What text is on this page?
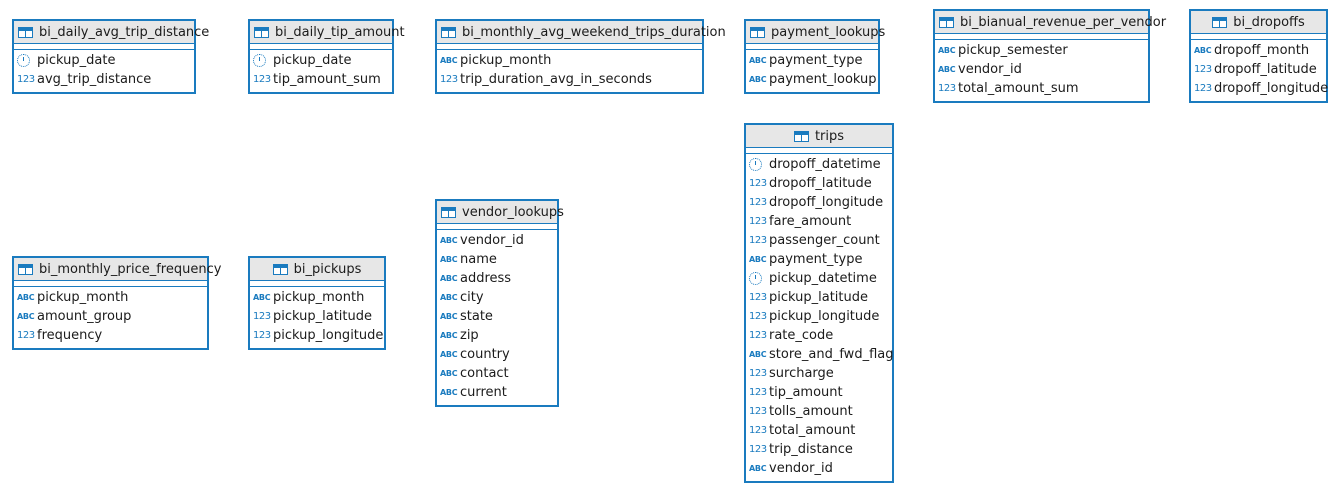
bi_daily_avg_trip_distance
pickup_date
123 avg_trip_distance
bi_daily_tip_amount
pickup_date
123 tip_amount_sum
bi_monthly_avg_weekend_trips_duration
ABC pickup_month
123 trip_duration_avg_in_seconds
payment_lookups
ABC payment_type
ABC payment_lookup
bi_bianual_revenue_per_vendor
ABC pickup_semester
ABC vendor_id
123 total_amount_sum
bi_dropoffs
ABC dropoff_month
123 dropoff_latitude
123 dropoff_longitude
trips
dropoff_datetime
123 dropoff_latitude
123 dropoff_longitude
123 fare_amount
123 passenger_count
ABC payment_type
pickup_datetime
123 pickup_latitude
123 pickup_longitude
123 rate_code
ABC store_and_fwd_flag
123 surcharge
123 tip_amount
123 tolls_amount
123 total_amount
123 trip_distance
ABC vendor_id
vendor_lookups
ABC vendor_id
ABC name
ABC address
ABC city
ABC state
ABC zip
ABC country
ABC contact
ABC current
bi_monthly_price_frequency
ABC pickup_month
ABC amount_group
123 frequency
bi_pickups
ABC pickup_month
123 pickup_latitude
123 pickup_longitude
